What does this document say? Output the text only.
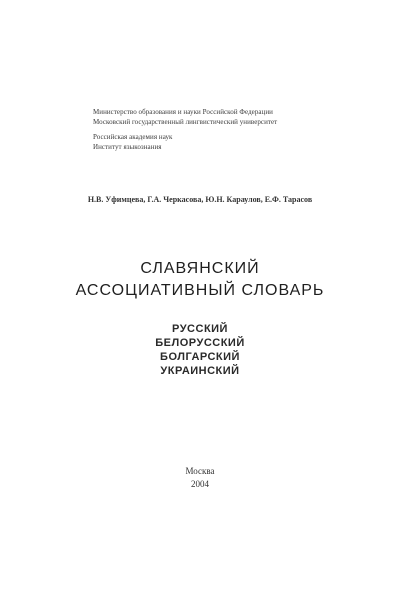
Министерство образования и науки Российской Федерации
Московский государственный лингвистический университет
Российская академия наук
Институт языкознания
Н.В. Уфимцева, Г.А. Черкасова, Ю.Н. Караулов, Е.Ф. Тарасов
СЛАВЯНСКИЙ
АССОЦИАТИВНЫЙ СЛОВАРЬ
РУССКИЙ
БЕЛОРУССКИЙ
БОЛГАРСКИЙ
УКРАИНСКИЙ
Москва
2004
